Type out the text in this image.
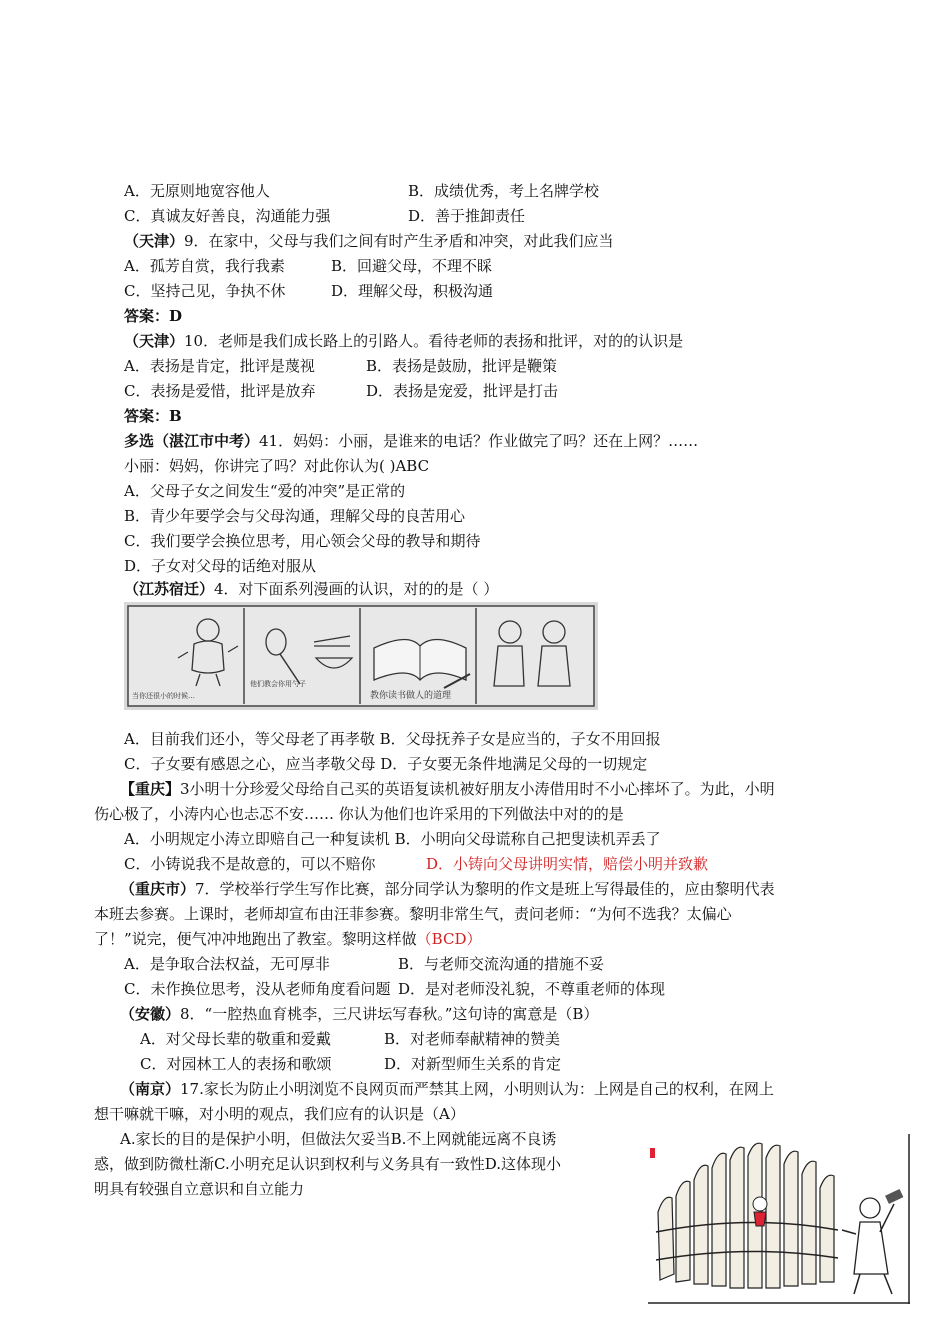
A．无原则地宽容他人	B．成绩优秀，考上名牌学校
C．真诚友好善良，沟通能力强	D．善于推卸责任
（天津）9．在家中，父母与我们之间有时产生矛盾和冲突，对此我们应当
A．孤芳自赏，我行我素	B．回避父母，不理不睬
C．坚持己见，争执不休	D．理解父母，积极沟通
答案：D
（天津）10．老师是我们成长路上的引路人。看待老师的表扬和批评，对的的认识是
A．表扬是肯定，批评是蔑视	B．表扬是鼓励，批评是鞭策
C．表扬是爱惜，批评是放弃	D．表扬是宠爱，批评是打击
答案：B
多选（湛江市中考）41．妈妈：小丽，是谁来的电话？作业做完了吗？还在上网？……
小丽：妈妈，你讲完了吗？对此你认为( )ABC
A．父母子女之间发生“爱的冲突”是正常的
B．青少年要学会与父母沟通，理解父母的良苦用心
C．我们要学会换位思考，用心领会父母的教导和期待
D．子女对父母的话绝对服从
（江苏宿迁）4．对下面系列漫画的认识，对的的是（ ）
当你还很小的时候…
他们教会你用勺子
教你读书做人的道理
A．目前我们还小，等父母老了再孝敬 B．父母抚养子女是应当的，子女不用回报
C．子女要有感恩之心，应当孝敬父母 D．子女要无条件地满足父母的一切规定
【重庆】3小明十分珍爱父母给自己买的英语复读机被好朋友小涛借用时不小心摔坏了。为此，小明
伤心极了，小涛内心也忐忑不安…… 你认为他们也许采用的下列做法中对的的是
A．小明规定小涛立即赔自己一种复读机 B．小明向父母谎称自己把叟读机弄丢了
C．小铸说我不是故意的，可以不赔你	D．小铸向父母讲明实情，赔偿小明并致歉
（重庆市）7．学校举行学生写作比赛，部分同学认为黎明的作文是班上写得最佳的，应由黎明代表
本班去参赛。上课时，老师却宣布由汪菲参赛。黎明非常生气，责问老师：“为何不选我？太偏心
了！”说完，便气冲冲地跑出了教室。黎明这样做（BCD）
A．是争取合法权益，无可厚非	B．与老师交流沟通的措施不妥
C．未作换位思考，没从老师角度看问题 D．是对老师没礼貌，不尊重老师的体现
（安徽）8．“一腔热血育桃李，三尺讲坛写春秋。”这句诗的寓意是（B）
A．对父母长辈的敬重和爱戴	B．对老师奉献精神的赞美
C．对园林工人的表扬和歌颂	D．对新型师生关系的肯定
（南京）17.家长为防止小明浏览不良网页而严禁其上网，小明则认为：上网是自己的权利，在网上
想干嘛就干嘛，对小明的观点，我们应有的认识是（A）
A.家长的目的是保护小明，但做法欠妥当B.不上网就能远离不良诱
惑，做到防微杜渐C.小明充足认识到权利与义务具有一致性D.这体现小
明具有较强自立意识和自立能力
